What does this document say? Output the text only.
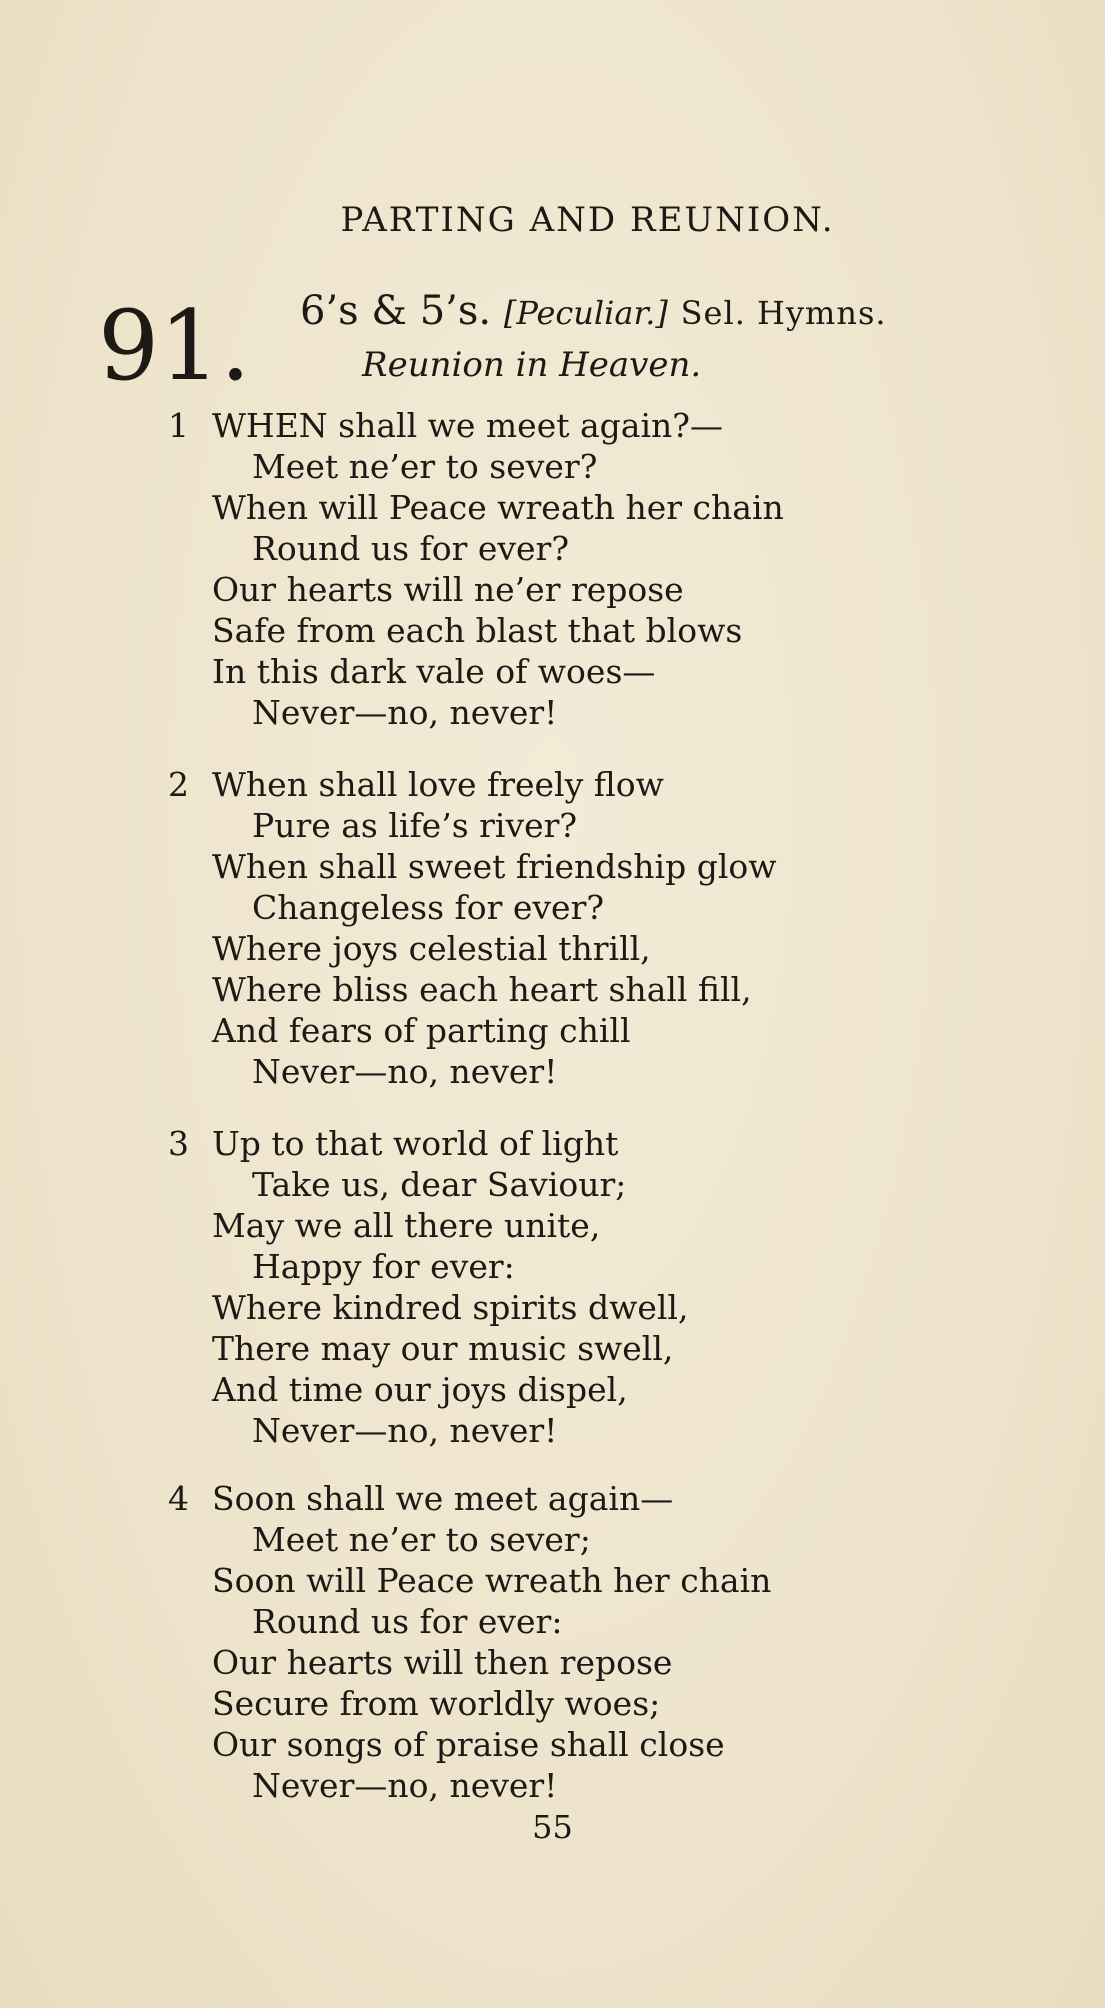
PARTING AND REUNION.
91. 6’s & 5’s. [Peculiar.] Sel. Hymns.
Reunion in Heaven.
1 WHEN shall we meet again?—
Meet ne’er to sever?
When will Peace wreath her chain
Round us for ever?
Our hearts will ne’er repose
Safe from each blast that blows
In this dark vale of woes—
Never—no, never!
2 When shall love freely flow
Pure as life’s river?
When shall sweet friendship glow
Changeless for ever?
Where joys celestial thrill,
Where bliss each heart shall fill,
And fears of parting chill
Never—no, never!
3 Up to that world of light
Take us, dear Saviour;
May we all there unite,
Happy for ever:
Where kindred spirits dwell,
There may our music swell,
And time our joys dispel,
Never—no, never!
4 Soon shall we meet again—
Meet ne’er to sever;
Soon will Peace wreath her chain
Round us for ever:
Our hearts will then repose
Secure from worldly woes;
Our songs of praise shall close
Never—no, never!
55
